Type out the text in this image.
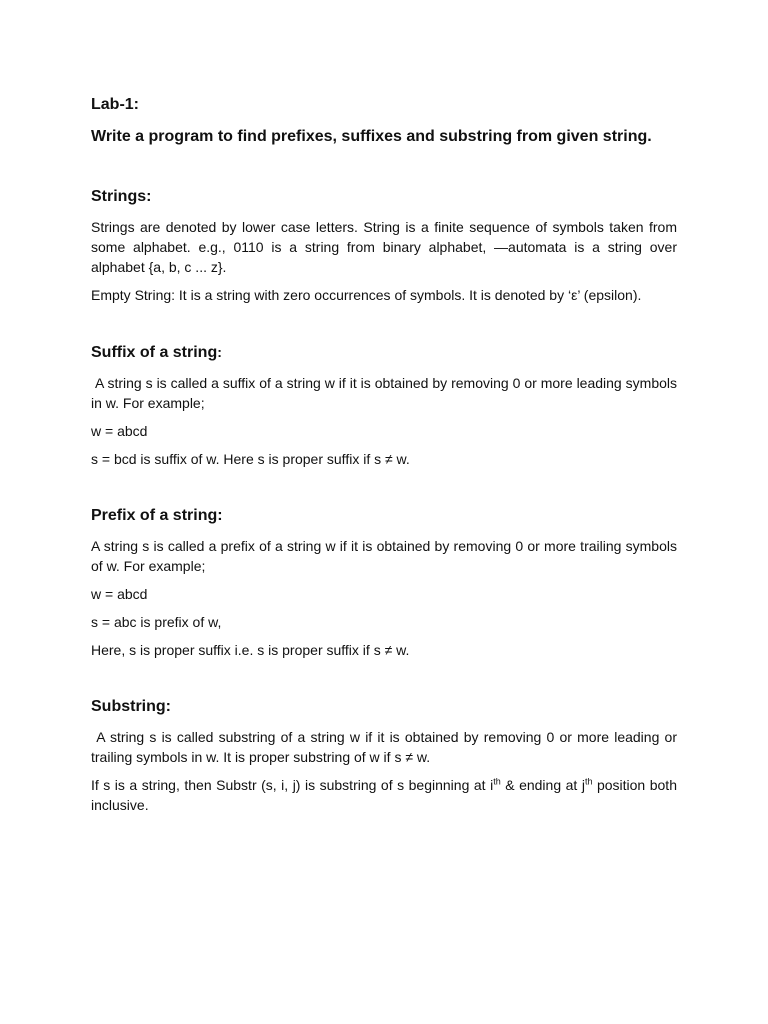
Lab-1:

Write a program to find prefixes, suffixes and substring from given string.

Strings:

Strings are denoted by lower case letters. String is a finite sequence of symbols taken from some alphabet. e.g., 0110 is a string from binary alphabet, —automata is a string over alphabet {a, b, c ... z}.

Empty String: It is a string with zero occurrences of symbols. It is denoted by ‘ε’ (epsilon).

Suffix of a string:

A string s is called a suffix of a string w if it is obtained by removing 0 or more leading symbols in w. For example;

w = abcd

s = bcd is suffix of w. Here s is proper suffix if s ≠ w.

Prefix of a string:

A string s is called a prefix of a string w if it is obtained by removing 0 or more trailing symbols of w. For example;

w = abcd

s = abc is prefix of w,

Here, s is proper suffix i.e. s is proper suffix if s ≠ w.

Substring:

A string s is called substring of a string w if it is obtained by removing 0 or more leading or trailing symbols in w. It is proper substring of w if s ≠ w.

If s is a string, then Substr (s, i, j) is substring of s beginning at $i^{th}$ & ending at $j^{th}$ position both inclusive.
